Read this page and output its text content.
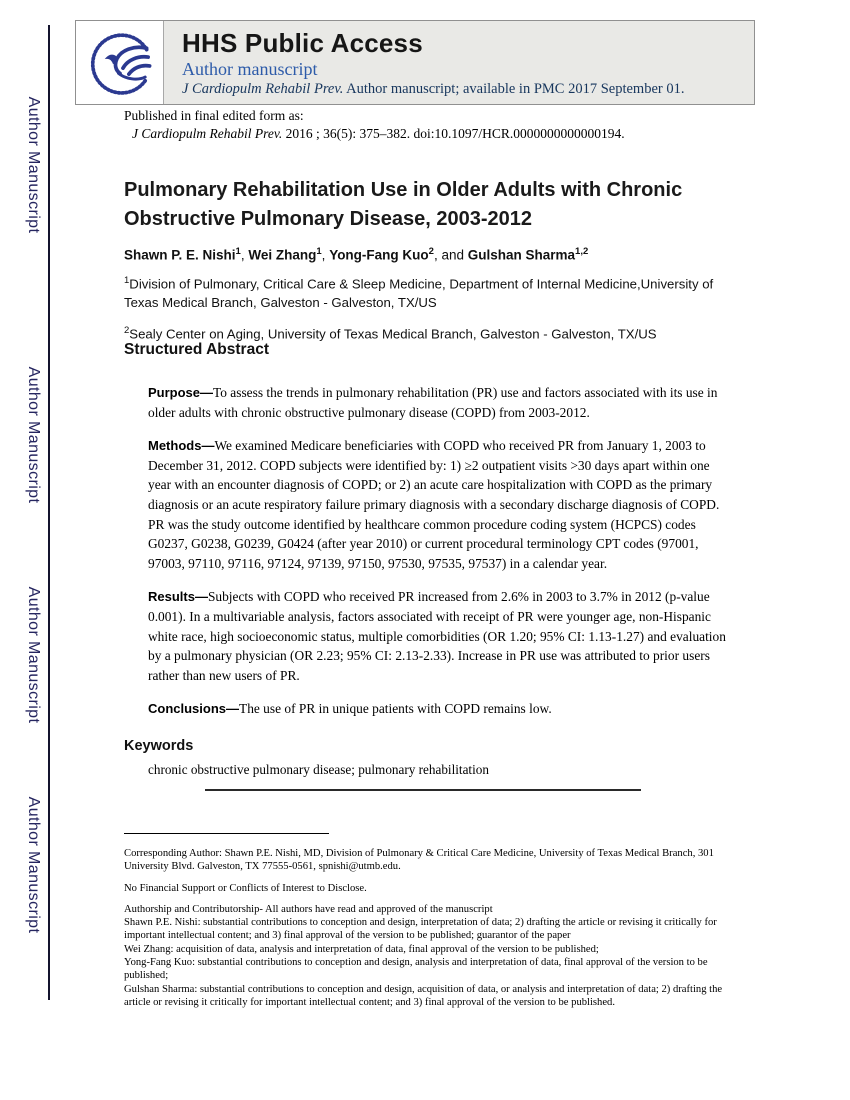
Author Manuscript
Author Manuscript
Author Manuscript
Author Manuscript
HHS Public Access

Author manuscript

J Cardiopulm Rehabil Prev. Author manuscript; available in PMC 2017 September 01.

Published in final edited form as:
J Cardiopulm Rehabil Prev. 2016 ; 36(5): 375–382. doi:10.1097/HCR.0000000000000194.
Pulmonary Rehabilitation Use in Older Adults with Chronic
Obstructive Pulmonary Disease, 2003-2012
Shawn P. E. Nishi$^1$, Wei Zhang$^1$, Yong-Fang Kuo$^2$, and Gulshan Sharma$^{1,2}$

$^1$Division of Pulmonary, Critical Care & Sleep Medicine, Department of Internal Medicine,University of Texas Medical Branch, Galveston - Galveston, TX/US

$^2$Sealy Center on Aging, University of Texas Medical Branch, Galveston - Galveston, TX/US

Structured Abstract

Purpose—To assess the trends in pulmonary rehabilitation (PR) use and factors associated with its use in older adults with chronic obstructive pulmonary disease (COPD) from 2003-2012.

Methods—We examined Medicare beneficiaries with COPD who received PR from January 1, 2003 to December 31, 2012. COPD subjects were identified by: 1) ≥2 outpatient visits >30 days apart within one year with an encounter diagnosis of COPD; or 2) an acute care hospitalization with COPD as the primary diagnosis or an acute respiratory failure primary diagnosis with a secondary discharge diagnosis of COPD. PR was the study outcome identified by healthcare common procedure coding system (HCPCS) codes G0237, G0238, G0239, G0424 (after year 2010) or current procedural terminology CPT codes (97001, 97003, 97110, 97116, 97124, 97139, 97150, 97530, 97535, 97537) in a calendar year.

Results—Subjects with COPD who received PR increased from 2.6% in 2003 to 3.7% in 2012 (p-value 0.001). In a multivariable analysis, factors associated with receipt of PR were younger age, non-Hispanic white race, high socioeconomic status, multiple comorbidities (OR 1.20; 95% CI: 1.13-1.27) and evaluation by a pulmonary physician (OR 2.23; 95% CI: 2.13-2.33). Increase in PR use was attributed to prior users rather than new users of PR.

Conclusions—The use of PR in unique patients with COPD remains low.

Keywords

chronic obstructive pulmonary disease; pulmonary rehabilitation

Corresponding Author: Shawn P.E. Nishi, MD, Division of Pulmonary & Critical Care Medicine, University of Texas Medical Branch, 301 University Blvd. Galveston, TX 77555-0561, spnishi@utmb.edu.

No Financial Support or Conflicts of Interest to Disclose.

Authorship and Contributorship- All authors have read and approved of the manuscript
Shawn P.E. Nishi: substantial contributions to conception and design, interpretation of data; 2) drafting the article or revising it critically for important intellectual content; and 3) final approval of the version to be published; guarantor of the paper
Wei Zhang: acquisition of data, analysis and interpretation of data, final approval of the version to be published;
Yong-Fang Kuo: substantial contributions to conception and design, analysis and interpretation of data, final approval of the version to be published;
Gulshan Sharma: substantial contributions to conception and design, acquisition of data, or analysis and interpretation of data; 2) drafting the article or revising it critically for important intellectual content; and 3) final approval of the version to be published.
